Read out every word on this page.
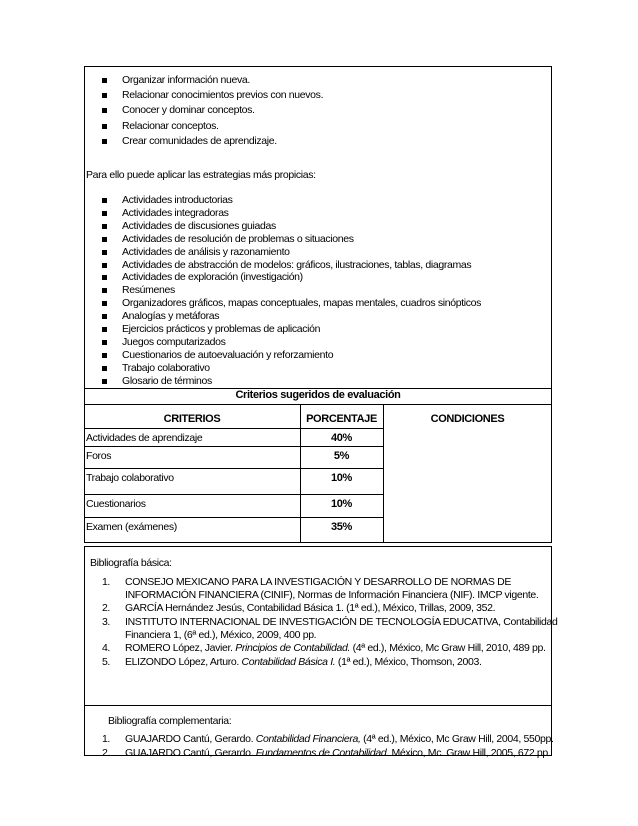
Organizar información nueva.
Relacionar conocimientos previos con nuevos.
Conocer y dominar conceptos.
Relacionar conceptos.
Crear comunidades de aprendizaje.
Para ello puede aplicar las estrategias más propicias:
Actividades introductorias
Actividades integradoras
Actividades de discusiones guiadas
Actividades de resolución de problemas o situaciones
Actividades de análisis y razonamiento
Actividades de abstracción de modelos: gráficos, ilustraciones, tablas, diagramas
Actividades de exploración (investigación)
Resúmenes
Organizadores gráficos, mapas conceptuales, mapas mentales, cuadros sinópticos
Analogías y metáforas
Ejercicios prácticos y problemas de aplicación
Juegos computarizados
Cuestionarios de autoevaluación y reforzamiento
Trabajo colaborativo
Glosario de términos
Criterios sugeridos de evaluación
CRITERIOS	PORCENTAJE	CONDICIONES
Actividades de aprendizaje	40%
Foros	5%
Trabajo colaborativo	10%
Cuestionarios	10%
Examen (exámenes)	35%
Bibliografía básica:
1. CONSEJO MEXICANO PARA LA INVESTIGACIÓN Y DESARROLLO DE NORMAS DE
INFORMACIÓN FINANCIERA (CINIF), Normas de Información Financiera (NIF). IMCP vigente.
2. GARCÍA Hernández Jesús, Contabilidad Básica 1. (1ª ed.), México, Trillas, 2009, 352.
3. INSTITUTO INTERNACIONAL DE INVESTIGACIÓN DE TECNOLOGÍA EDUCATIVA, Contabilidad
Financiera 1, (6ª ed.), México, 2009, 400 pp.
4. ROMERO López, Javier. Principios de Contabilidad. (4ª ed.), México, Mc Graw Hill, 2010, 489 pp.
5. ELIZONDO López, Arturo. Contabilidad Básica I. (1ª ed.), México, Thomson, 2003.
Bibliografía complementaria:
1. GUAJARDO Cantú, Gerardo. Contabilidad Financiera, (4ª ed.), México, Mc Graw Hill, 2004, 550pp.
2. GUAJARDO Cantú, Gerardo. Fundamentos de Contabilidad. México, Mc. Graw Hill, 2005, 672 pp.
